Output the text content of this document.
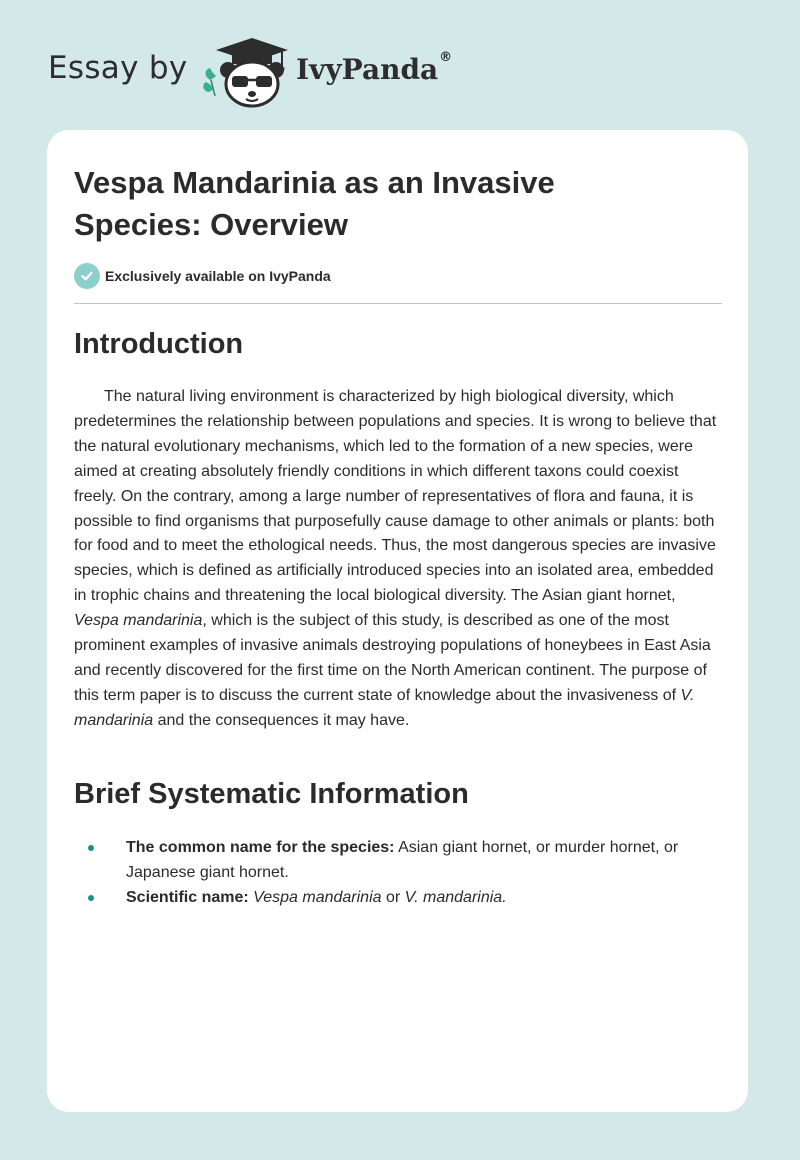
Essay by	IvyPanda®
Vespa Mandarinia as an Invasive Species: Overview
Exclusively available on IvyPanda
Introduction

The natural living environment is characterized by high biological diversity, which predetermines the relationship between populations and species. It is wrong to believe that the natural evolutionary mechanisms, which led to the formation of a new species, were aimed at creating absolutely friendly conditions in which different taxons could coexist freely. On the contrary, among a large number of representatives of flora and fauna, it is possible to find organisms that purposefully cause damage to other animals or plants: both for food and to meet the ethological needs. Thus, the most dangerous species are invasive species, which is defined as artificially introduced species into an isolated area, embedded in trophic chains and threatening the local biological diversity. The Asian giant hornet, Vespa mandarinia, which is the subject of this study, is described as one of the most prominent examples of invasive animals destroying populations of honeybees in East Asia and recently discovered for the first time on the North American continent. The purpose of this term paper is to discuss the current state of knowledge about the invasiveness of V. mandarinia and the consequences it may have.

Brief Systematic Information
The common name for the species: Asian giant hornet, or murder hornet, or Japanese giant hornet.
Scientific name: Vespa mandarinia or V. mandarinia.
